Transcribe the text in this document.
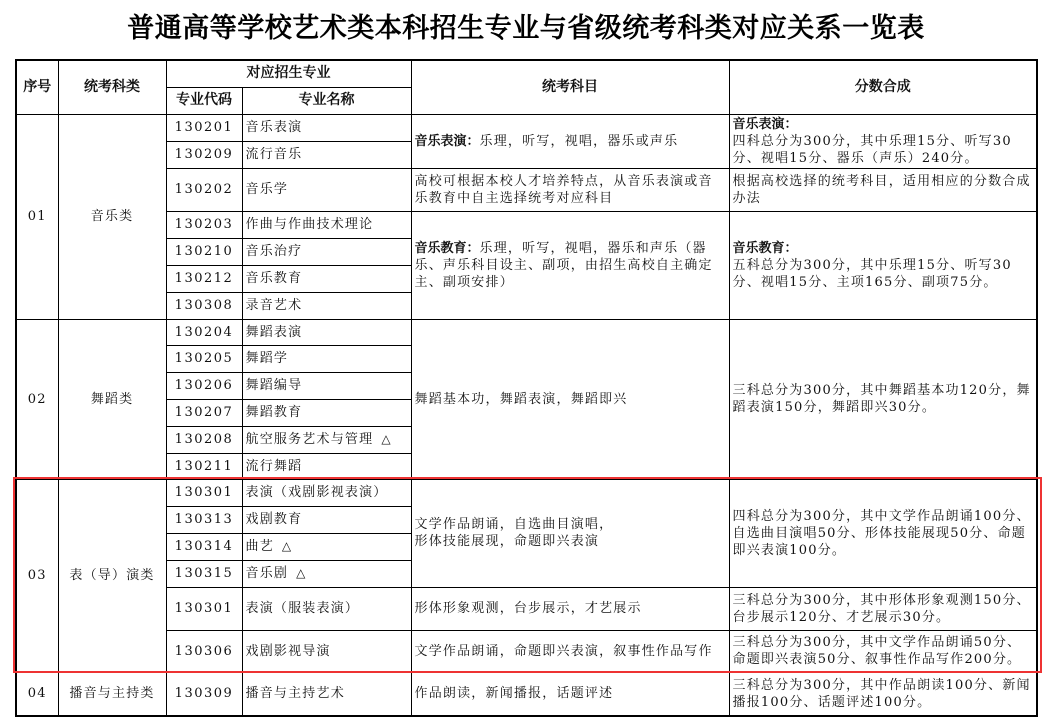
普通高等学校艺术类本科招生专业与省级统考科类对应关系一览表
序号	统考科类	对应招生专业		统考科目	分数合成
		专业代码	专业名称		
01	音乐类	130201	音乐表演	音乐表演：乐理，听写，视唱，器乐或声乐	音乐表演：
四科总分为300分，其中乐理15分、听写30分、视唱15分、器乐（声乐）240分。

		130209	流行音乐		
		130202	音乐学	高校可根据本校人才培养特点，从音乐表演或音乐教育中自主选择统考对应科目	根据高校选择的统考科目，适用相应的分数合成办法
		130203	作曲与作曲技术理论	音乐教育：乐理，听写，视唱，器乐和声乐（器乐、声乐科目设主、副项，由招生高校自主确定主、副项安排）	音乐教育：
五科总分为300分，其中乐理15分、听写30分、视唱15分、主项165分、副项75分。

		130210	音乐治疗		
		130212	音乐教育		
		130308	录音艺术		
02	舞蹈类	130204	舞蹈表演	舞蹈基本功，舞蹈表演，舞蹈即兴	三科总分为300分，其中舞蹈基本功120分，舞蹈表演150分，舞蹈即兴30分。
		130205	舞蹈学		
		130206	舞蹈编导		
		130207	舞蹈教育		
		130208	航空服务艺术与管理 △		
		130211	流行舞蹈		
03	表（导）演类	130301	表演（戏剧影视表演）	文学作品朗诵，自选曲目演唱，
形体技能展现，命题即兴表演	四科总分为300分，其中文学作品朗诵100分、自选曲目演唱50分、形体技能展现50分、命题即兴表演100分。
		130313	戏剧教育		
		130314	曲艺 △		
		130315	音乐剧 △		
		130301	表演（服装表演）	形体形象观测，台步展示，才艺展示	三科总分为300分，其中形体形象观测150分、台步展示120分、才艺展示30分。
		130306	戏剧影视导演	文学作品朗诵，命题即兴表演，叙事性作品写作	三科总分为300分，其中文学作品朗诵50分、命题即兴表演50分、叙事性作品写作200分。
04	播音与主持类	130309	播音与主持艺术	作品朗读，新闻播报，话题评述	三科总分为300分，其中作品朗读100分、新闻播报100分、话题评述100分。
